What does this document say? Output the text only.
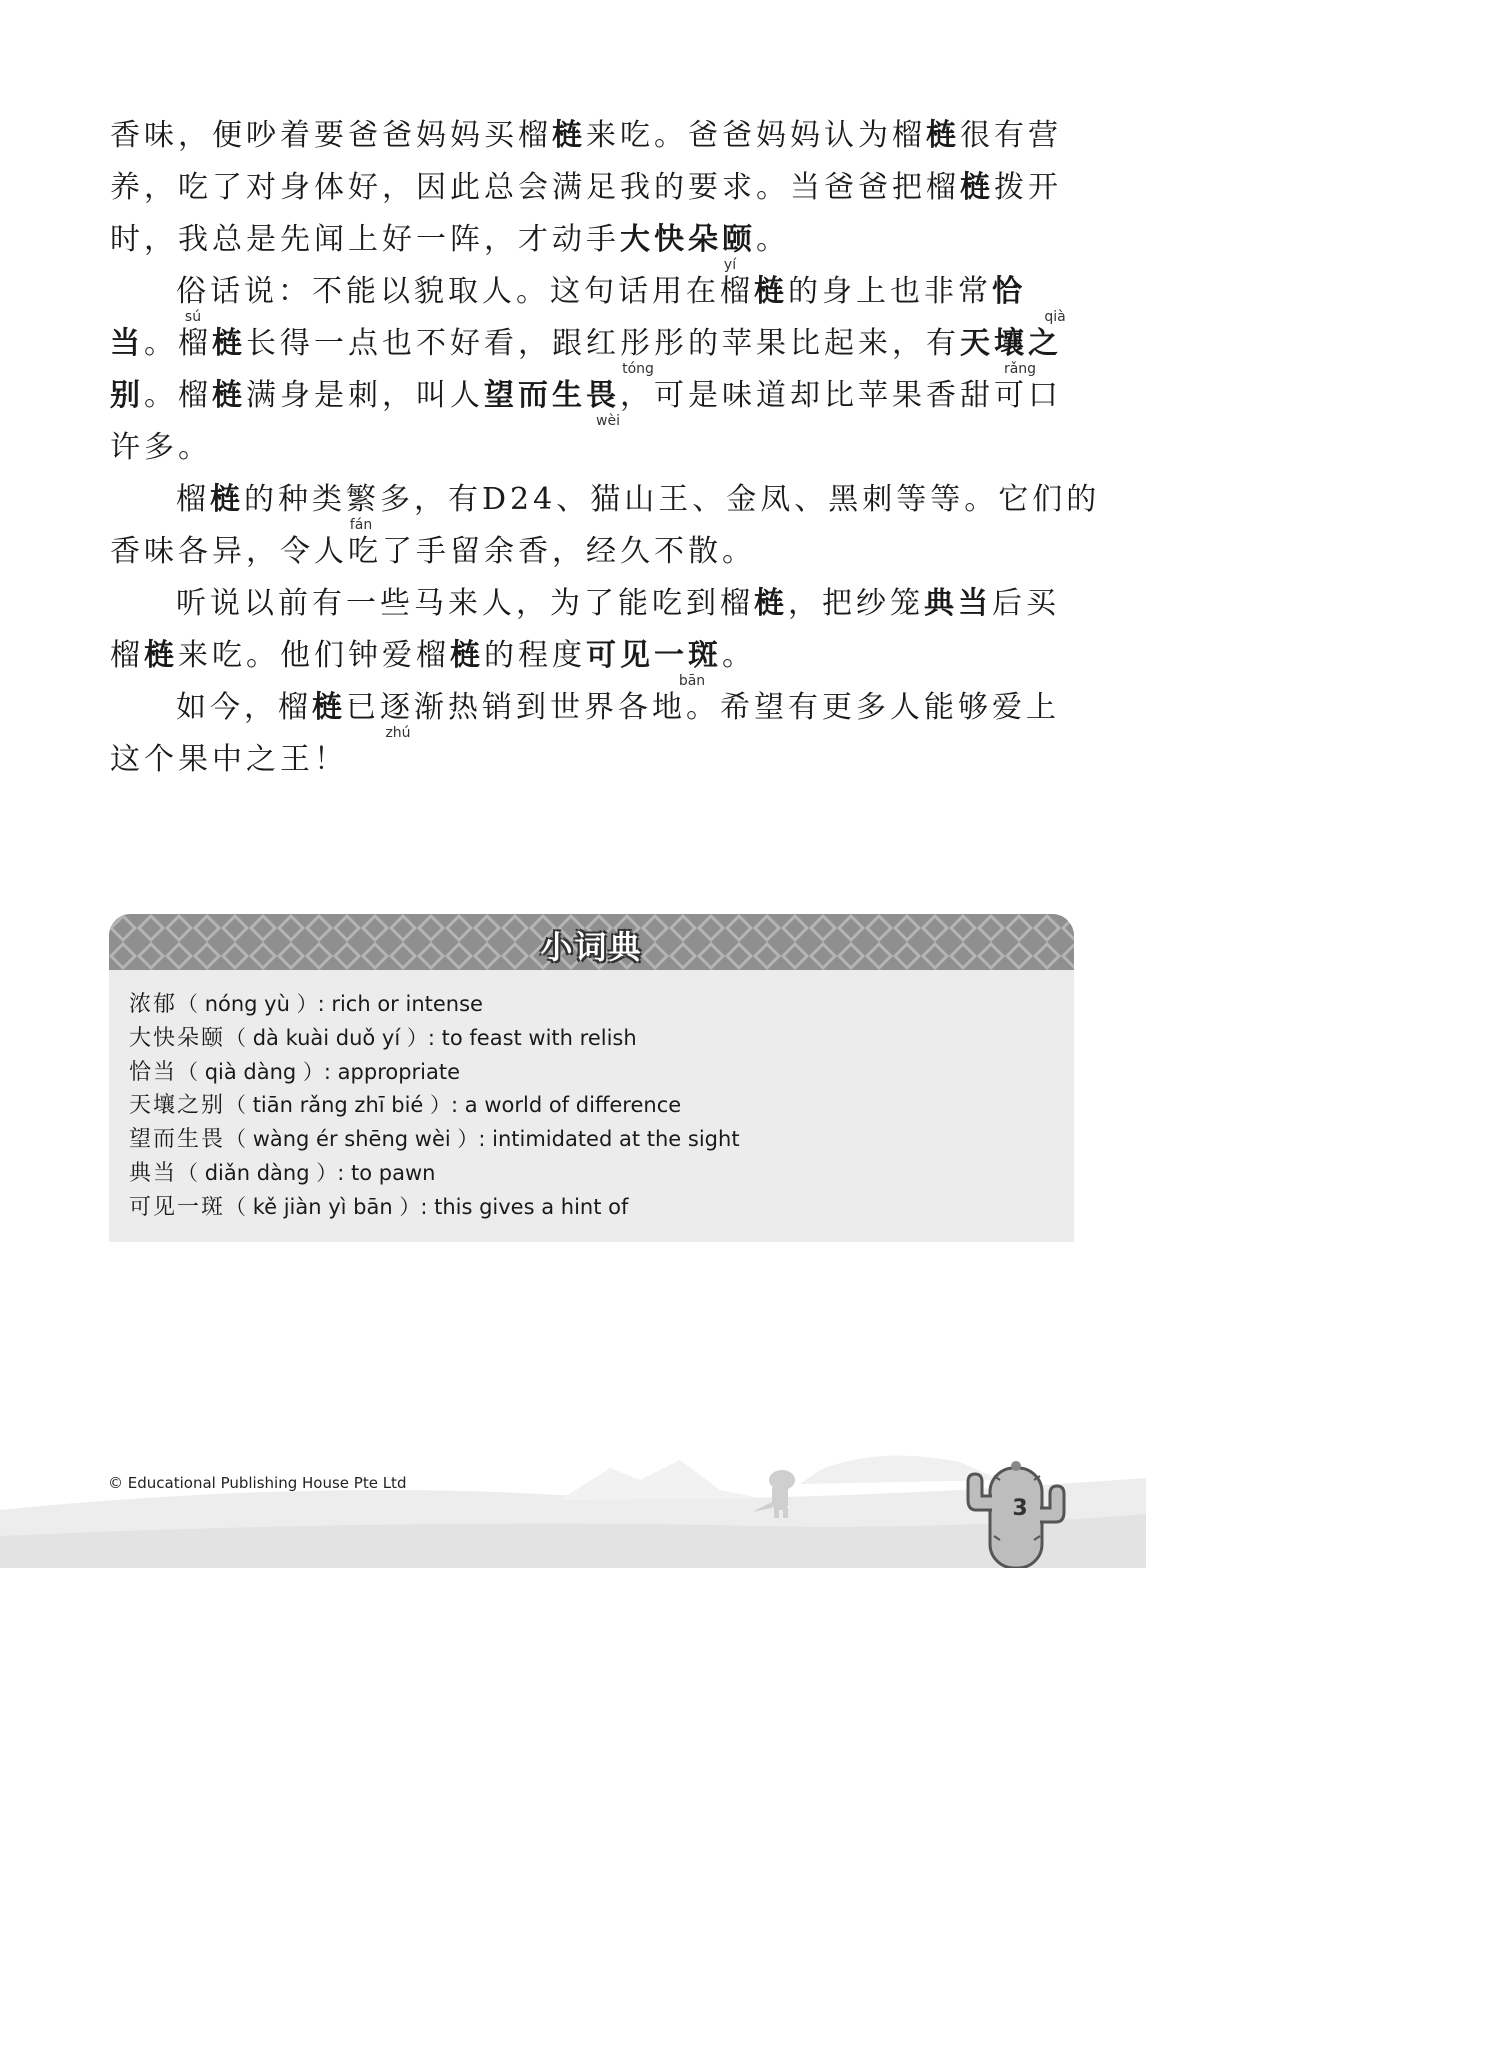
香味，便吵着要爸爸妈妈买榴梿来吃。爸爸妈妈认为榴梿很有营

养，吃了对身体好，因此总会满足我的要求。当爸爸把榴梿拨开

时，我总是先闻上好一阵，才动手大快朵颐。
yí

俗话说：不能以貌取人。这句话用在榴梿的身上也非常恰
sú	qià

当。榴梿长得一点也不好看，跟红彤彤的苹果比起来，有天壤之
tóng	rǎng

别。榴梿满身是刺，叫人望而生畏，可是味道却比苹果香甜可口
wèi

许多。

榴梿的种类繁多，有D24、猫山王、金凤、黑刺等等。它们的
fán

香味各异，令人吃了手留余香，经久不散。

听说以前有一些马来人，为了能吃到榴梿，把纱笼典当后买

榴梿来吃。他们钟爱榴梿的程度可见一斑。
bān

如今，榴梿已逐渐热销到世界各地。希望有更多人能够爱上
zhú

这个果中之王！

小词典
浓郁（ nóng yù ）: rich or intense
大快朵颐（ dà kuài duǒ yí ）: to feast with relish
恰当（ qià dàng ）: appropriate
天壤之别（ tiān rǎng zhī bié ）: a world of difference
望而生畏（ wàng ér shēng wèi ）: intimidated at the sight
典当（ diǎn dàng ）: to pawn
可见一斑（ kě jiàn yì bān ）: this gives a hint of
© Educational Publishing House Pte Ltd
3
